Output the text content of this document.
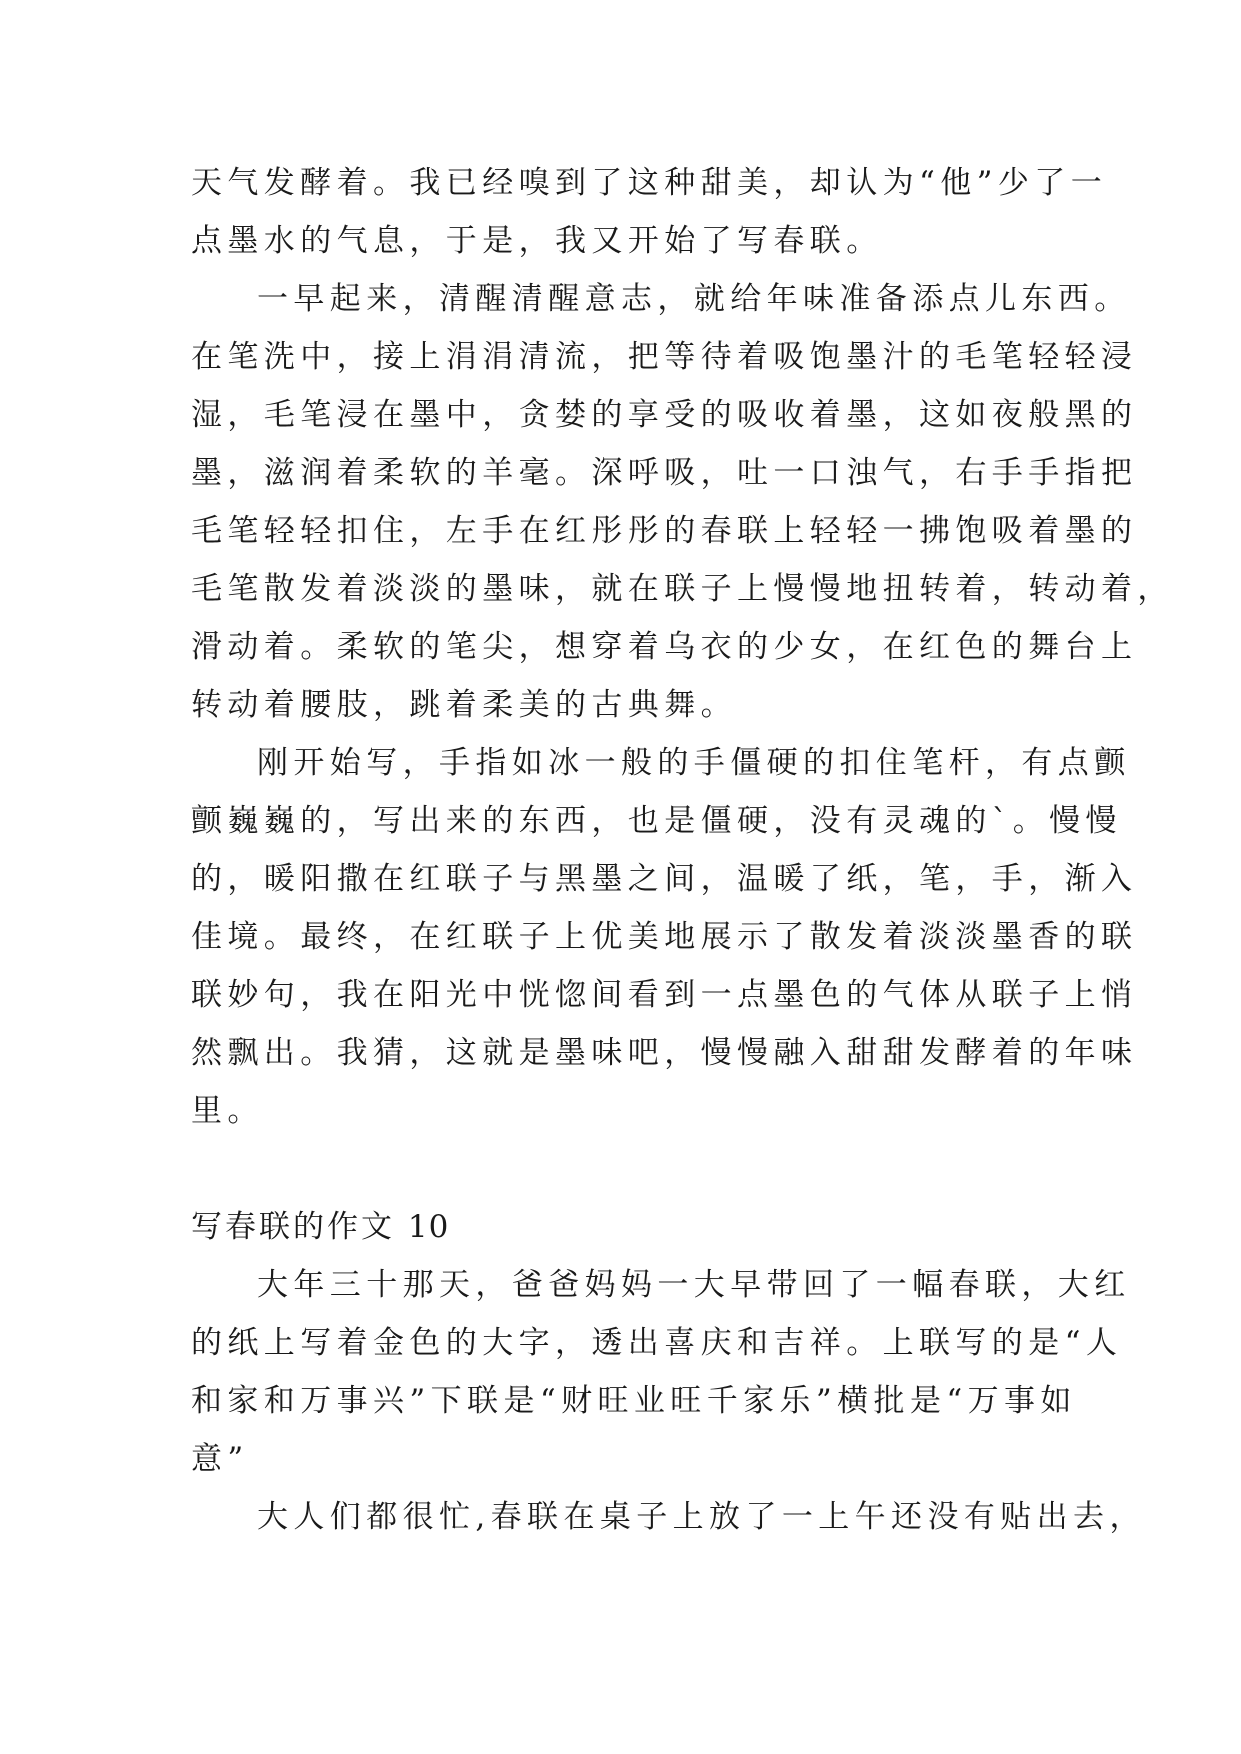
天气发酵着。我已经嗅到了这种甜美，却认为“他”少了一
点墨水的气息，于是，我又开始了写春联。
一早起来，清醒清醒意志，就给年味准备添点儿东西。
在笔洗中，接上涓涓清流，把等待着吸饱墨汁的毛笔轻轻浸
湿，毛笔浸在墨中，贪婪的享受的吸收着墨，这如夜般黑的
墨，滋润着柔软的羊毫。深呼吸，吐一口浊气，右手手指把
毛笔轻轻扣住，左手在红彤彤的春联上轻轻一拂饱吸着墨的
毛笔散发着淡淡的墨味，就在联子上慢慢地扭转着，转动着，
滑动着。柔软的笔尖，想穿着乌衣的少女，在红色的舞台上
转动着腰肢，跳着柔美的古典舞。
刚开始写，手指如冰一般的手僵硬的扣住笔杆，有点颤
颤巍巍的，写出来的东西，也是僵硬，没有灵魂的`。慢慢
的，暖阳撒在红联子与黑墨之间，温暖了纸，笔，手，渐入
佳境。最终，在红联子上优美地展示了散发着淡淡墨香的联
联妙句，我在阳光中恍惚间看到一点墨色的气体从联子上悄
然飘出。我猜，这就是墨味吧，慢慢融入甜甜发酵着的年味
里。
写春联的作文 10
大年三十那天，爸爸妈妈一大早带回了一幅春联，大红
的纸上写着金色的大字，透出喜庆和吉祥。上联写的是“人
和家和万事兴”下联是“财旺业旺千家乐”横批是“万事如
意”
大人们都很忙,春联在桌子上放了一上午还没有贴出去，
